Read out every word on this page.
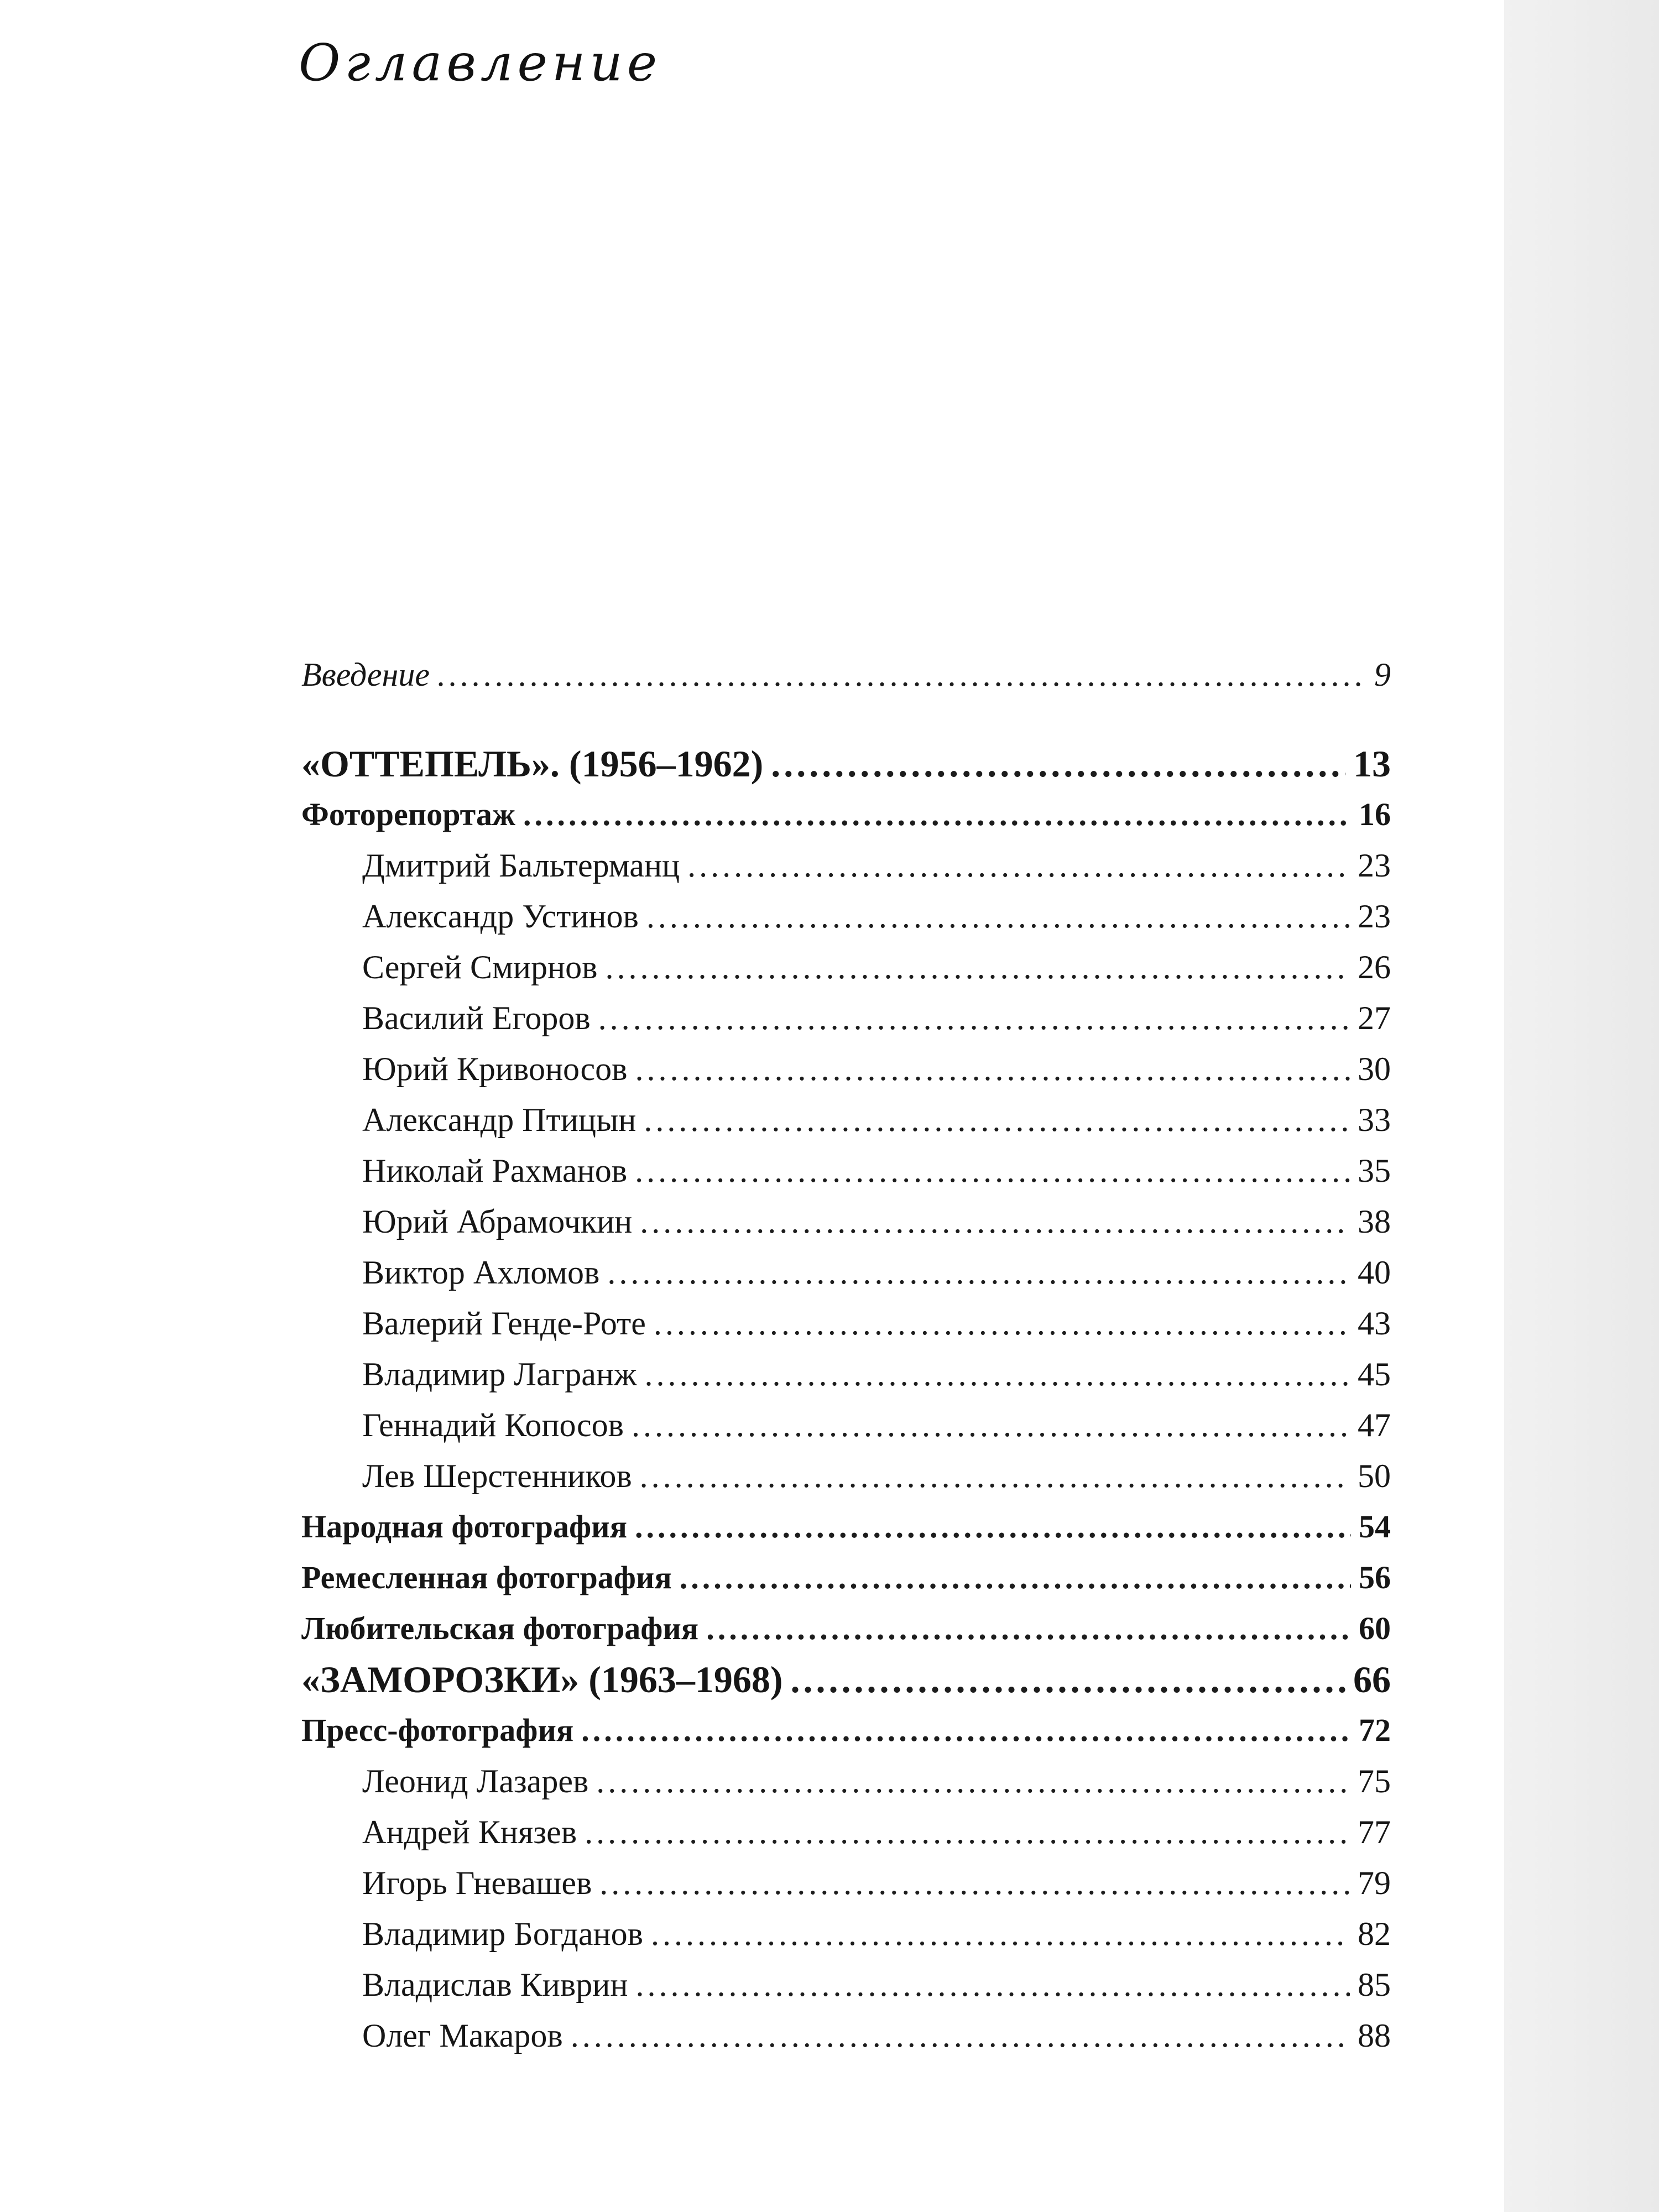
Оглавление
Введение .....	9
«ОТТЕПЕЛЬ». (1956–1962) .....	13
Фоторепортаж .....	16
Дмитрий Бальтерманц .....	23
Александр Устинов .....	23
Сергей Смирнов .....	26
Василий Егоров .....	27
Юрий Кривоносов .....	30
Александр Птицын .....	33
Николай Рахманов .....	35
Юрий Абрамочкин .....	38
Виктор Ахломов .....	40
Валерий Генде-Роте .....	43
Владимир Лагранж .....	45
Геннадий Копосов .....	47
Лев Шерстенников .....	50
Народная фотография .....	54
Ремесленная фотография .....	56
Любительская фотография .....	60
«ЗАМОРОЗКИ» (1963–1968) .....	66
Пресс-фотография .....	72
Леонид Лазарев .....	75
Андрей Князев .....	77
Игорь Гневашев .....	79
Владимир Богданов .....	82
Владислав Киврин .....	85
Олег Макаров .....	88
